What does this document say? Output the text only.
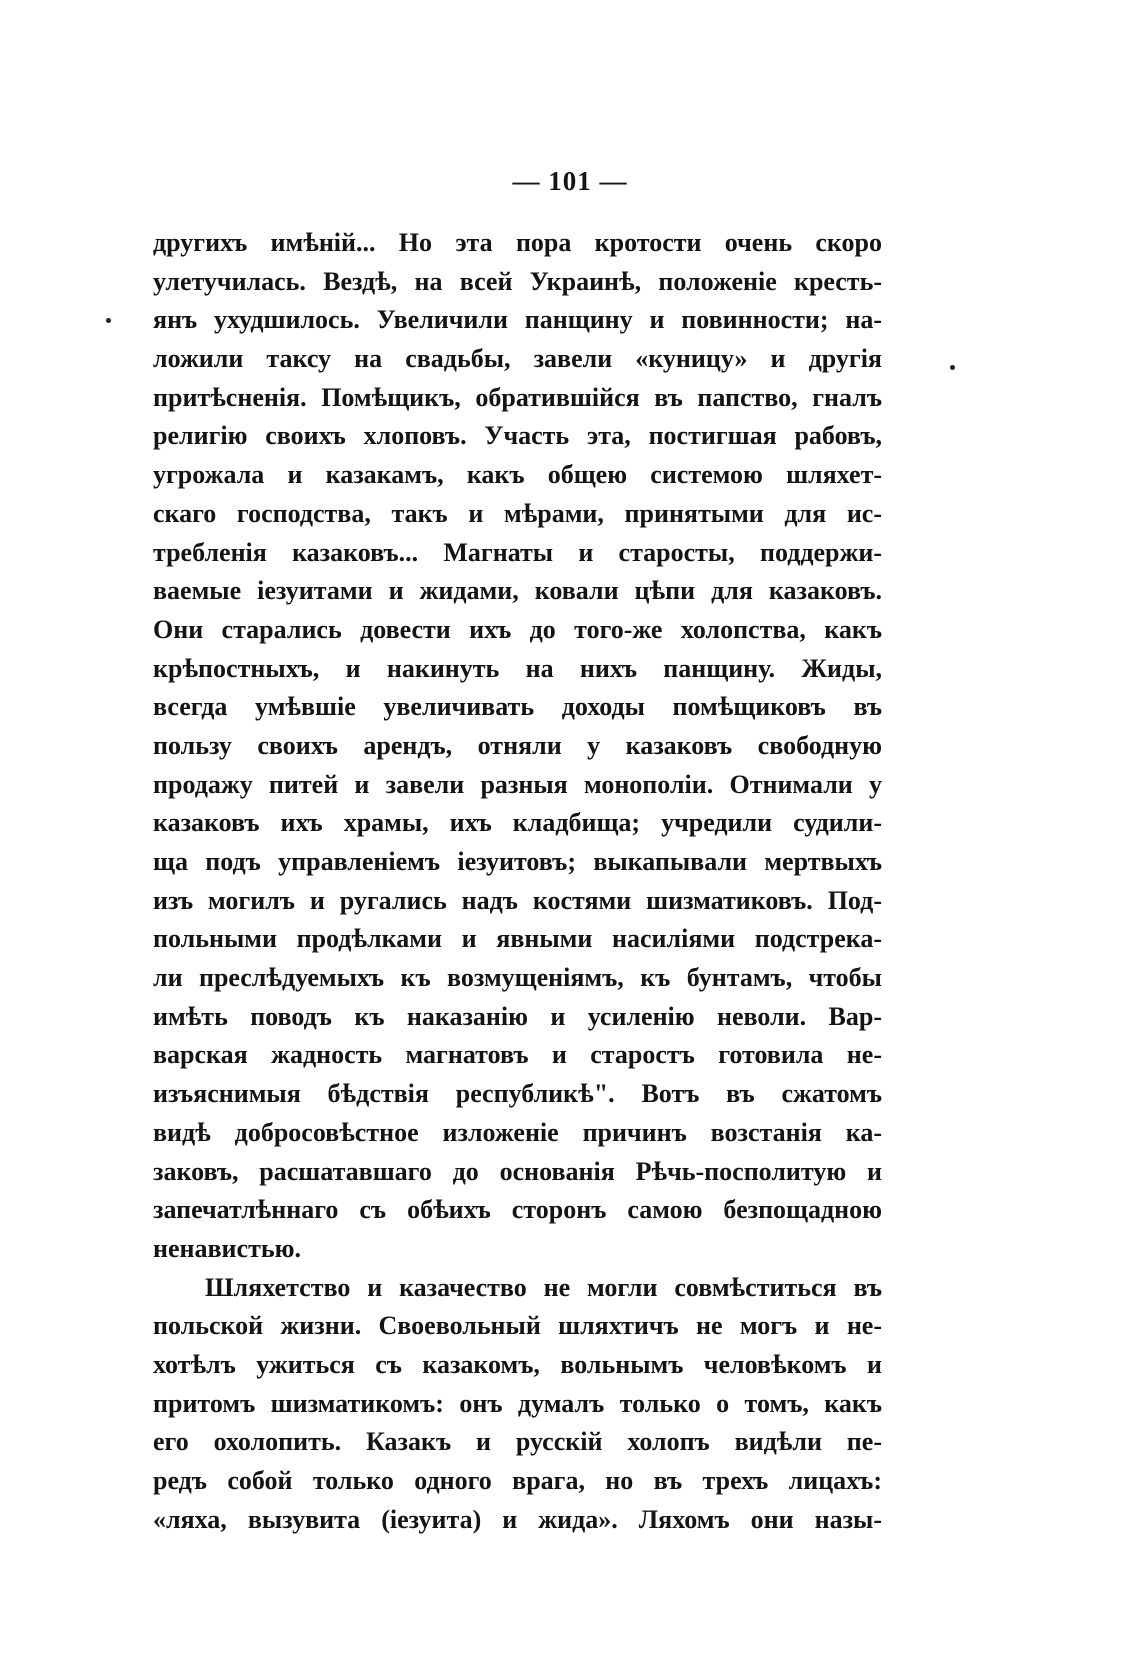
— 101 —
другихъ имѣній... Но эта пора кротости очень скоро
улетучилась. Вездѣ, на всей Украинѣ, положеніе кресть-
янъ ухудшилось. Увеличили панщину и повинности; на-
ложили таксу на свадьбы, завели «куницу» и другія
притѣсненія. Помѣщикъ, обратившійся въ папство, гналъ
религію своихъ хлоповъ. Участь эта, постигшая рабовъ,
угрожала и казакамъ, какъ общею системою шляхет-
скаго господства, такъ и мѣрами, принятыми для ис-
требленія казаковъ... Магнаты и старосты, поддержи-
ваемые іезуитами и жидами, ковали цѣпи для казаковъ.
Они старались довести ихъ до того-же холопства, какъ
крѣпостныхъ, и накинуть на нихъ панщину. Жиды,
всегда умѣвшіе увеличивать доходы помѣщиковъ въ
пользу своихъ арендъ, отняли у казаковъ свободную
продажу питей и завели разныя монополіи. Отнимали у
казаковъ ихъ храмы, ихъ кладбища; учредили судили-
ща подъ управленіемъ іезуитовъ; выкапывали мертвыхъ
изъ могилъ и ругались надъ костями шизматиковъ. Под-
польными продѣлками и явными насиліями подстрека-
ли преслѣдуемыхъ къ возмущеніямъ, къ бунтамъ, чтобы
имѣть поводъ къ наказанію и усиленію неволи. Вар-
варская жадность магнатовъ и старостъ готовила не-
изъяснимыя бѣдствія республикѣ". Вотъ въ сжатомъ
видѣ добросовѣстное изложеніе причинъ возстанія ка-
заковъ, расшатавшаго до основанія Рѣчь-посполитую и
запечатлѣннаго съ обѣихъ сторонъ самою безпощадною
ненавистью.
Шляхетство и казачество не могли совмѣститься въ
польской жизни. Своевольный шляхтичъ не могъ и не-
хотѣлъ ужиться съ казакомъ, вольнымъ человѣкомъ и
притомъ шизматикомъ: онъ думалъ только о томъ, какъ
его охолопить. Казакъ и русскій холопъ видѣли пе-
редъ собой только одного врага, но въ трехъ лицахъ:
«ляха, вызувита (іезуита) и жида». Ляхомъ они назы-
